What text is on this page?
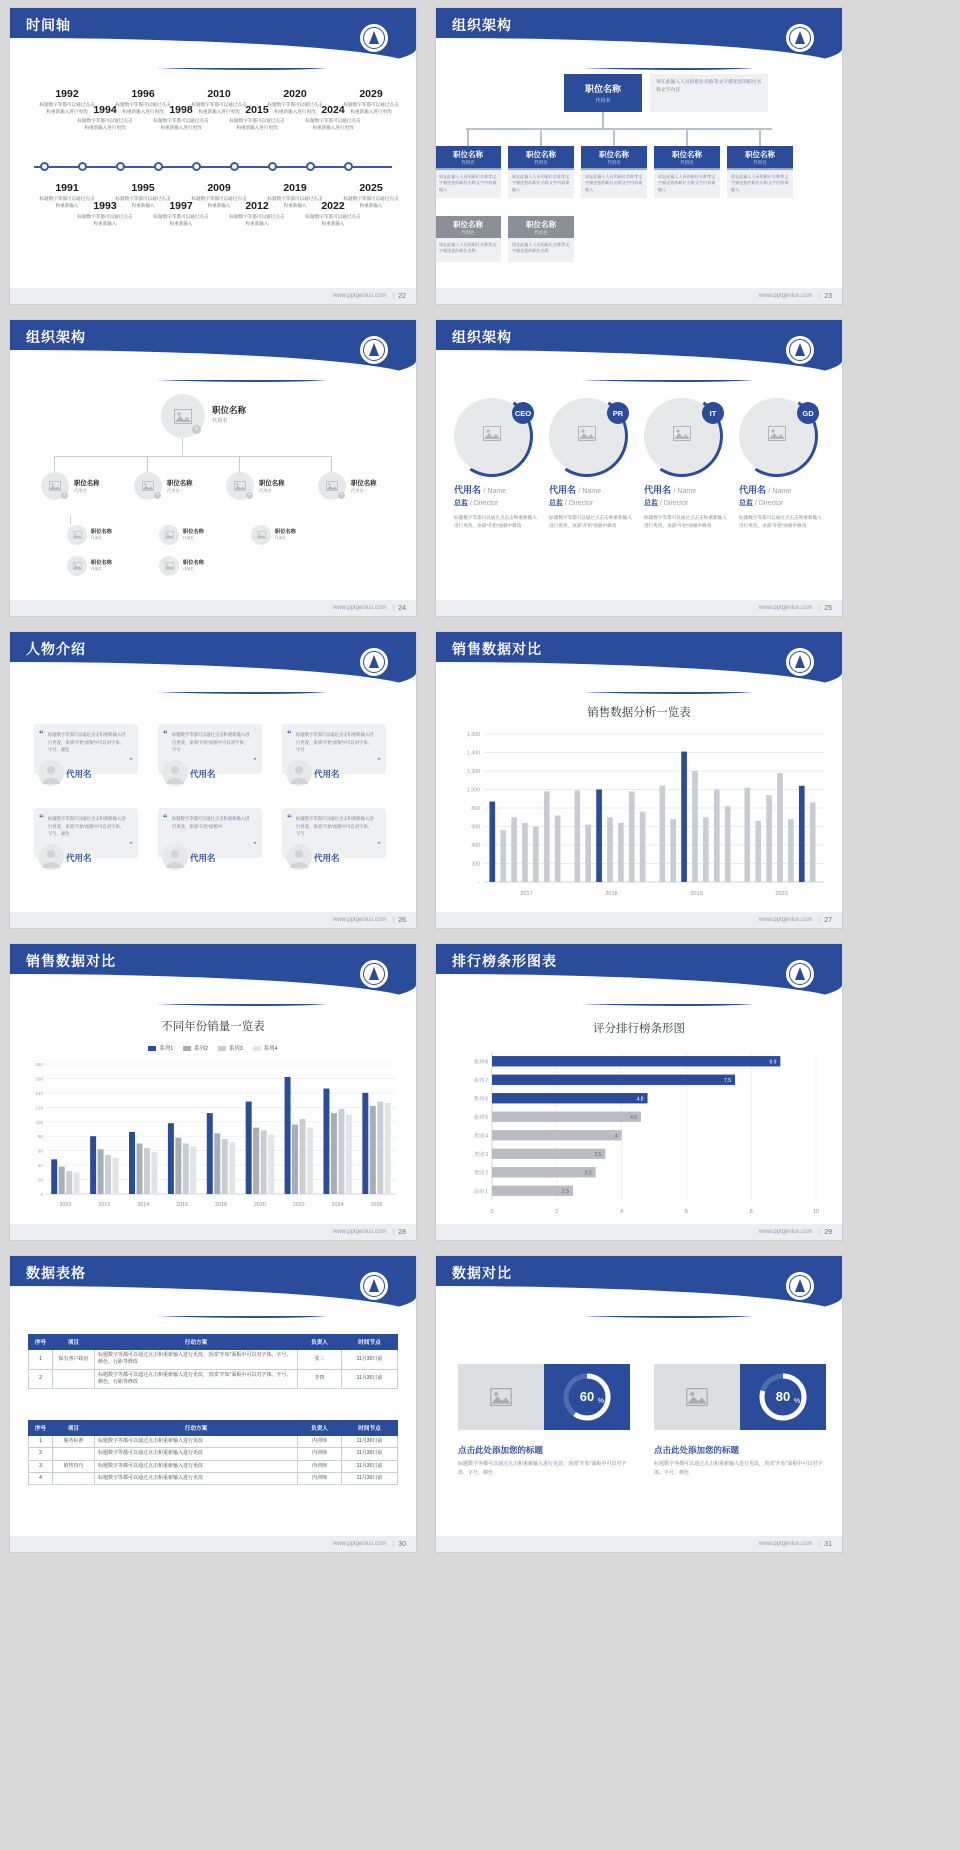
时间轴
1992
标题数字等都可以通过点击和重新输入进行更改 1994
标题数字等都可以通过点击和重新输入进行更改
1996
标题数字等都可以通过点击和重新输入进行更改 1998
标题数字等都可以通过点击和重新输入进行更改
2010
标题数字等都可以通过点击和重新输入进行更改 2015
标题数字等都可以通过点击和重新输入进行更改
2020
标题数字等都可以通过点击和重新输入进行更改 2024
标题数字等都可以通过点击和重新输入进行更改
2029
标题数字等都可以通过点击和重新输入进行更改
1991
标题数字等都可以通过点击和重新输入	1993
标题数字等都可以通过点击和重新输入
1995
标题数字等都可以通过点击和重新输入	1997
标题数字等都可以通过点击和重新输入
2009
标题数字等都可以通过点击和重新输入	2012
标题数字等都可以通过点击和重新输入
2019
标题数字等都可以通过点击和重新输入	2022
标题数字等都可以通过点击和重新输入
2025
标题数字等都可以通过点击和重新输入
www.pptgenius.com | 22
组织架构
职位名称
代用名
请在此输入人员的职位名称等文字描述您的职位名称文字内容
职位名称
代用名
请在此输入人员的职位名称等文字描述您的职位名称文字内容请输入
职位名称
代用名
请在此输入人员的职位名称等文字描述您的职位名称文字内容请输入
职位名称
代用名
请在此输入人员的职位名称等文字描述您的职位名称文字内容请输入
职位名称
代用名
请在此输入人员的职位名称等文字描述您的职位名称文字内容请输入
职位名称
代用名
请在此输入人员的职位名称等文字描述您的职位名称文字内容请输入
职位名称
代用名
请在此输入人员的职位名称等文字描述您的职位名称
职位名称
代用名
请在此输入人员的职位名称等文字描述您的职位名称
www.pptgenius.com | 23
组织架构
+
职位名称
代用名
+
职位名称
代用名
+
职位名称
代用名
+
职位名称
代用名
+
职位名称
代用名
职位名称
代用名
职位名称
代用名
职位名称
代用名
职位名称
代用名
职位名称
代用名
www.pptgenius.com | 24
组织架构
CEO
代用名 / Name
总监 / Director
标题数字等都可以通过点击击和重新输入进行更改，顶部“开始”面板中修改
PR
代用名 / Name
总监 / Director
标题数字等都可以通过点击击和重新输入进行更改，顶部“开始”面板中修改
IT
代用名 / Name
总监 / Director
标题数字等都可以通过点击击和重新输入进行更改，顶部“开始”面板中修改
GD
代用名 / Name
总监 / Director
标题数字等都可以通过点击击和重新输入进行更改，顶部“开始”面板中修改
www.pptgenius.com | 25
人物介绍
“ 标题数字等都可以通过点击和重新输入进行更改，顶部“开始”面板中可以对字体、字号、颜色
”
代用名
“ 标题数字等都可以通过点击和重新输入进行更改，顶部“开始”面板中可以对字体、字号
”
代用名
“ 标题数字等都可以通过点击和重新输入进行更改，顶部“开始”面板中可以对字体、字号
”
代用名
“ 标题数字等都可以通过点击和重新输入进行更改，顶部“开始”面板中可以对字体、字号、颜色
”
代用名
“ 标题数字等都可以通过点击和重新输入进行更改，顶部“开始”面板中
”
代用名
“ 标题数字等都可以通过点击和重新输入进行更改，顶部“开始”面板中可以对字体、字号
”
代用名
www.pptgenius.com | 26
销售数据对比
销售数据分析一览表
-
200
400
600
800
1,000
1,200
1,400
1,600
2017	2018	2019	2020
www.pptgenius.com | 27
销售数据对比
不同年份销量一览表
系列1	系列2	系列3	系列4
180
160
140
120
100
80
60
40
20
0
2010	2012	2014	2016	2018	2020	2022	2024	2026
www.pptgenius.com | 28
排行榜条形图表
评分排行榜条形图
0	2	4	6	8	10
系列 8	8.9
系列 7	7.5
系列 6	4.8
系列 5	4.6
类别 4	4
类别 3	3.5
类别 2	3.2
添加 1	2.5
www.pptgenius.com | 29
数据表格
序号	项目	行动方案	负责人	时间节点
1	保有客户政治	标题数字等都可以通过点击和重新输入进行更改，顶部“开始”面板中可以对字体、字号、颜色、行距等修改	张三	11月30日前
2		标题数字等都可以通过点击和重新输入进行更改，顶部“开始”面板中可以对字体、字号、颜色、行距等修改	李四	11月30日前
序号	项目	行动方案	负责人	时间节点
1	服务标准	标题数字等都可以通过点击和重新输入进行更改	内训师	11月30日前
2		标题数字等都可以通过点击和重新输入进行更改	内训师	11月30日前
3	销售技巧	标题数字等都可以通过点击和重新输入进行更改	内训师	11月30日前
4		标题数字等都可以通过点击和重新输入进行更改	内训师	11月30日前
www.pptgenius.com | 30
数据对比
60 %
点击此处添加您的标题
标题数字等都可以通过点击和重新输入进行更改，顶部“开始”面板中可以对字体、字号、颜色
80 %
点击此处添加您的标题
标题数字等都可以通过点击和重新输入进行更改，顶部“开始”面板中可以对字体、字号、颜色
www.pptgenius.com | 31
